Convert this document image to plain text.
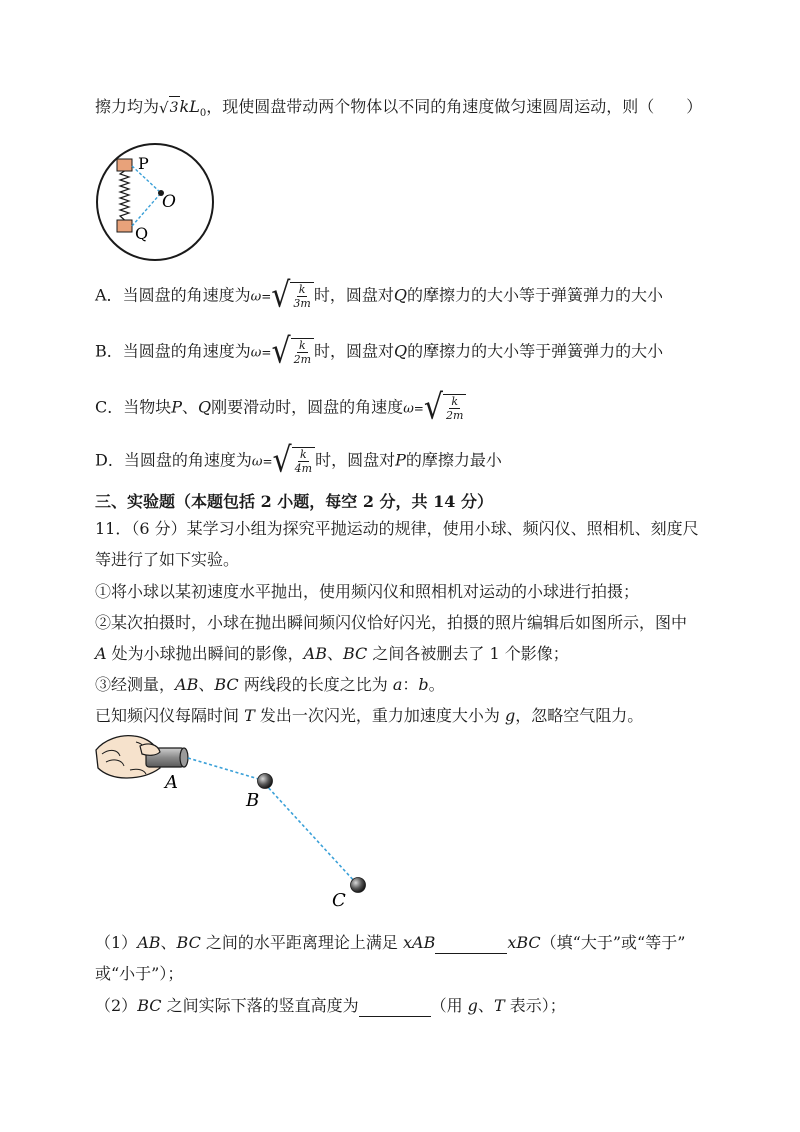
擦力均为 √ 3 $kL_0$，现使圆盘带动两个物体以不同的角速度做匀速圆周运动，则（　　）
P
O
Q
A．当圆盘的角速度为ω= √ $\frac{k}{3m}$ 时，圆盘对Q的摩擦力的大小等于弹簧弹力的大小
B．当圆盘的角速度为ω= √ $\frac{k}{2m}$ 时，圆盘对Q的摩擦力的大小等于弹簧弹力的大小
C．当物块P、Q刚要滑动时，圆盘的角速度ω= √ $\frac{k}{2m}$
D．当圆盘的角速度为ω= √ $\frac{k}{4m}$ 时，圆盘对P的摩擦力最小
三、实验题（本题包括 2 小题，每空 2 分，共 14 分）
11．（6 分）某学习小组为探究平抛运动的规律，使用小球、频闪仪、照相机、刻度尺
等进行了如下实验。
①将小球以某初速度水平抛出，使用频闪仪和照相机对运动的小球进行拍摄；
②某次拍摄时，小球在抛出瞬间频闪仪恰好闪光，拍摄的照片编辑后如图所示，图中
A 处为小球抛出瞬间的影像，AB、BC 之间各被删去了 1 个影像；
③经测量，AB、BC 两线段的长度之比为 a：b。
已知频闪仪每隔时间 T 发出一次闪光，重力加速度大小为 g，忽略空气阻力。
A
B
C
（1）AB、BC 之间的水平距离理论上满足 xAB	xBC（填“大于”或“等于”
或“小于”）；
（2）BC 之间实际下落的竖直高度为	（用 g、T 表示）；
